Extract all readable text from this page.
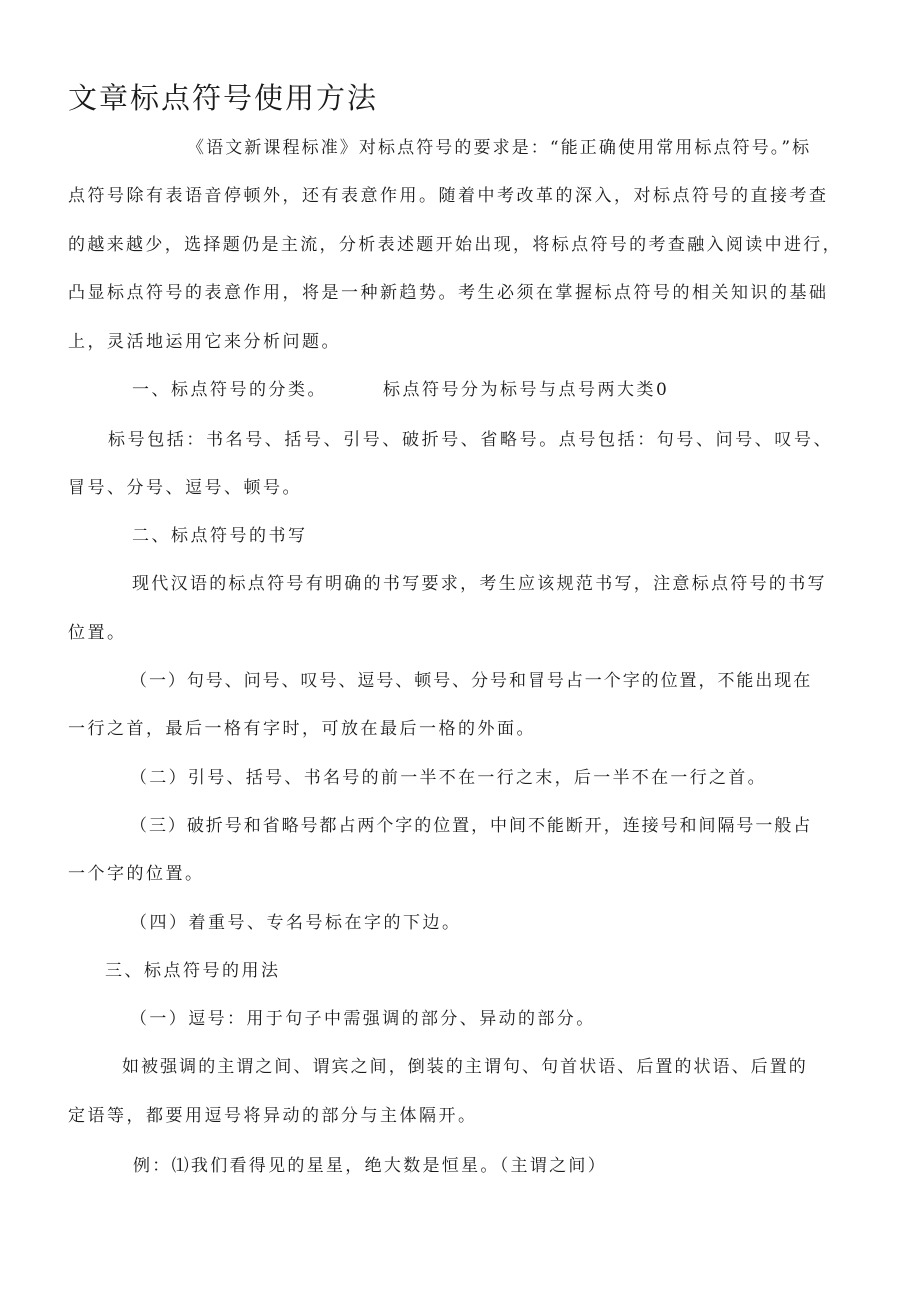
文章标点符号使用方法
《语文新课程标准》对标点符号的要求是：“能正确使用常用标点符号。”标
点符号除有表语音停顿外，还有表意作用。随着中考改革的深入，对标点符号的直接考查
的越来越少，选择题仍是主流，分析表述题开始出现，将标点符号的考查融入阅读中进行，
凸显标点符号的表意作用，将是一种新趋势。考生必须在掌握标点符号的相关知识的基础
上，灵活地运用它来分析问题。
一、标点符号的分类。	标点符号分为标号与点号两大类0
标号包括：书名号、括号、引号、破折号、省略号。点号包括：句号、问号、叹号、
冒号、分号、逗号、顿号。
二、标点符号的书写
现代汉语的标点符号有明确的书写要求，考生应该规范书写，注意标点符号的书写
位置。
（一）句号、问号、叹号、逗号、顿号、分号和冒号占一个字的位置，不能出现在
一行之首，最后一格有字时，可放在最后一格的外面。
（二）引号、括号、书名号的前一半不在一行之末，后一半不在一行之首。
（三）破折号和省略号都占两个字的位置，中间不能断开，连接号和间隔号一般占
一个字的位置。
（四）着重号、专名号标在字的下边。
三、标点符号的用法
（一）逗号：用于句子中需强调的部分、异动的部分。
如被强调的主谓之间、谓宾之间，倒装的主谓句、句首状语、后置的状语、后置的
定语等，都要用逗号将异动的部分与主体隔开。
例：⑴我们看得见的星星，绝大数是恒星。（主谓之间）
